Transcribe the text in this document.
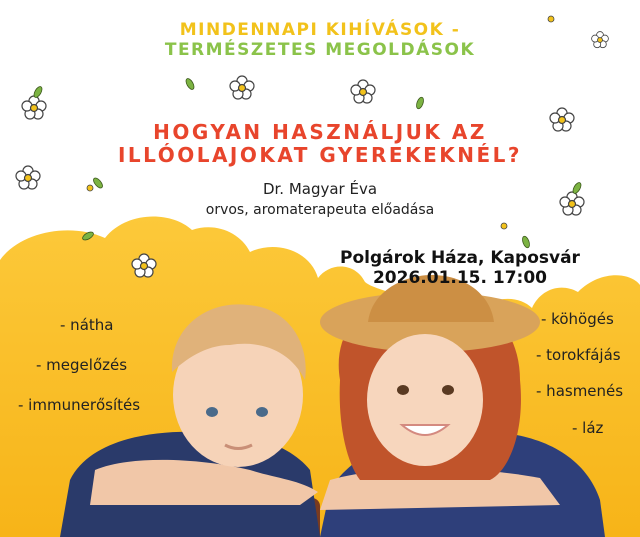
MINDENNAPI KIHÍVÁSOK -
TERMÉSZETES MEGOLDÁSOK
HOGYAN HASZNÁLJUK AZ
ILLÓOLAJOKAT GYEREKEKNÉL?
Dr. Magyar Éva
orvos, aromaterapeuta előadása
Polgárok Háza, Kaposvár
2026.01.15. 17:00
- nátha
- megelőzés
- immunerősítés
- köhögés
- torokfájás
- hasmenés
- láz
